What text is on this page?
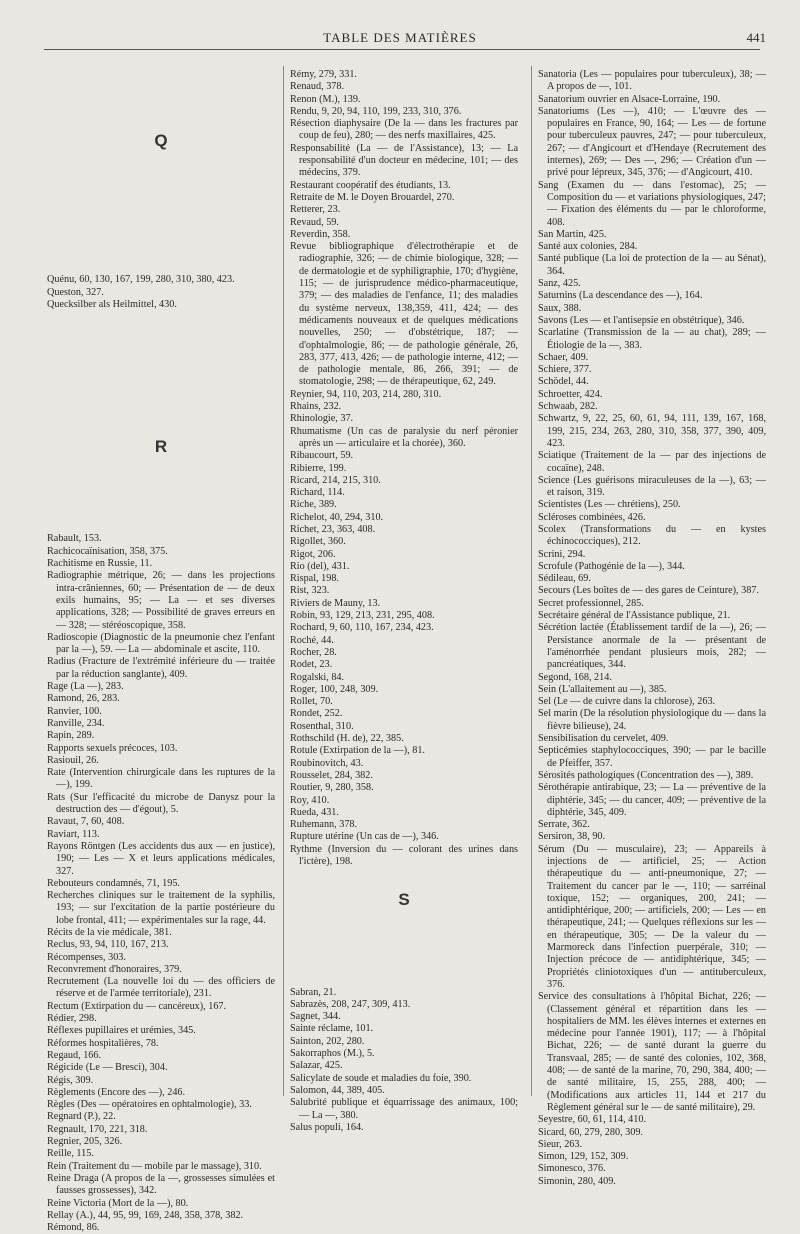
TABLE DES MATIÈRES	441
Q

Quénu, 60, 130, 167, 199, 280, 310, 380, 423.

Queston, 327.

Quecksilber als Heilmittel, 430.

R

Rabault, 153.

Rachicocaïnisation, 358, 375.

Rachitisme en Russie, 11.

Radiographie métrique, 26; — dans les projections intra-crâniennes, 60; — Présentation de — de deux exils humains, 95; — La — et ses diverses applications, 328; — Possibilité de graves erreurs en — 328; — stéréoscopique, 358.

Radioscopie (Diagnostic de la pneumonie chez l'enfant par la —), 59. — La — abdominale et ascite, 110.

Radius (Fracture de l'extrémité inférieure du — traitée par la réduction sanglante), 409.

Rage (La —), 283.

Ramond, 26, 283.

Ranvier, 100.

Ranville, 234.

Rapin, 289.

Rapports sexuels précoces, 103.

Rasiouil, 26.

Rate (Intervention chirurgicale dans les ruptures de la —), 199.

Rats (Sur l'efficacité du microbe de Danysz pour la destruction des — d'égout), 5.

Ravaut, 7, 60, 408.

Raviart, 113.

Rayons Röntgen (Les accidents dus aux — en justice), 190; — Les — X et leurs applications médicales, 327.

Rebouteurs condamnés, 71, 195.

Recherches cliniques sur le traitement de la syphilis, 193; — sur l'excitation de la partie postérieure du lobe frontal, 411; — expérimentales sur la rage, 44.

Récits de la vie médicale, 381.

Reclus, 93, 94, 110, 167, 213.

Récompenses, 303.

Reconvrement d'honoraires, 379.

Recrutement (La nouvelle loi du — des officiers de réserve et de l'armée territoriale), 231.

Rectum (Extirpation du — cancéreux), 167.

Rédier, 298.

Réflexes pupillaires et urémies, 345.

Réformes hospitalières, 78.

Regaud, 166.

Régicide (Le — Bresci), 304.

Régis, 309.

Règlements (Encore des —), 246.

Règles (Des — opératoires en ophtalmologie), 33.

Regnard (P.), 22.

Regnault, 170, 221, 318.

Regnier, 205, 326.

Reille, 115.

Rein (Traitement du — mobile par le massage), 310.

Reine Draga (A propos de la —, grossesses simulées et fausses grossesses), 342.

Reine Victoria (Mort de la —), 80.

Rellay (A.), 44, 95, 99, 169, 248, 358, 378, 382.

Rémond, 86.

Rémy, 279, 331.

Renaud, 378.

Renon (M.), 139.

Rendu, 9, 20, 94, 110, 199, 233, 310, 376.

Résection diaphysaire (De la — dans les fractures par coup de feu), 280; — des nerfs maxillaires, 425.

Responsabilité (La — de l'Assistance), 13; — La responsabilité d'un docteur en médecine, 101; — des médecins, 379.

Restaurant coopératif des étudiants, 13.

Retraite de M. le Doyen Brouardel, 270.

Retterer, 23.

Revaud, 59.

Reverdin, 358.

Revue bibliographique d'électrothérapie et de radiographie, 326; — de chimie biologique, 328; — de dermatologie et de syphiligraphie, 170; d'hygiène, 115; — de jurisprudence médico-pharmaceutique, 379; — des maladies de l'enfance, 11; des maladies du système nerveux, 138,359, 411, 424; — des médicaments nouveaux et de quelques médications nouvelles, 250; — d'obstétrique, 187; — d'ophtalmologie, 86; — de pathologie générale, 26, 283, 377, 413, 426; — de pathologie interne, 412; — de pathologie mentale, 86, 266, 391; — de stomatologie, 298; — de thérapeutique, 62, 249.

Reynier, 94, 110, 203, 214, 280, 310.

Rhains, 232.

Rhinologie, 37.

Rhumatisme (Un cas de paralysie du nerf péronier après un — articulaire et la chorée), 360.

Ribaucourt, 59.

Ribierre, 199.

Ricard, 214, 215, 310.

Richard, 114.

Riche, 389.

Richelot, 40, 294, 310.

Richet, 23, 363, 408.

Rigollet, 360.

Rigot, 206.

Rio (del), 431.

Rispal, 198.

Rist, 323.

Riviers de Mauny, 13.

Robin, 93, 129, 213, 231, 295, 408.

Rochard, 9, 60, 110, 167, 234, 423.

Roché, 44.

Rocher, 28.

Rodet, 23.

Rogalski, 84.

Roger, 100, 248, 309.

Rollet, 70.

Rondet, 252.

Rosenthal, 310.

Rothschild (H. de), 22, 385.

Rotule (Extirpation de la —), 81.

Roubinovitch, 43.

Rousselet, 284, 382.

Routier, 9, 280, 358.

Roy, 410.

Rueda, 431.

Ruhemann, 378.

Rupture utérine (Un cas de —), 346.

Rythme (Inversion du — colorant des urines dans l'ictère), 198.

S

Sabran, 21.

Sabrazès, 208, 247, 309, 413.

Sagnet, 344.

Sainte réclame, 101.

Sainton, 202, 280.

Sakorraphos (M.), 5.

Salazar, 425.

Salicylate de soude et maladies du foie, 390.

Salomon, 44, 389, 405.

Salubrité publique et équarrissage des animaux, 100; — La —, 380.

Salus populi, 164.

Sanatoria (Les — populaires pour tuberculeux), 38; — A propos de —, 101.

Sanatorium ouvrier en Alsace-Lorraine, 190.

Sanatoriums (Les —), 410; — L'œuvre des — populaires en France, 90, 164; — Les — de fortune pour tuberculeux pauvres, 247; — pour tuberculeux, 267; — d'Angicourt et d'Hendaye (Recrutement des internes), 269; — Des —, 296; — Création d'un — privé pour lépreux, 345, 376; — d'Angicourt, 410.

Sang (Examen du — dans l'estomac), 25; — Composition du — et variations physiologiques, 247; — Fixation des éléments du — par le chloroforme, 408.

San Martin, 425.

Santé aux colonies, 284.

Santé publique (La loi de protection de la — au Sénat), 364.

Sanz, 425.

Saturnins (La descendance des —), 164.

Saux, 388.

Savons (Les — et l'antisepsie en obstétrique), 346.

Scarlatine (Transmission de la — au chat), 289; — Étiologie de la —, 383.

Schaer, 409.

Schiere, 377.

Schödel, 44.

Schroetter, 424.

Schwaab, 282.

Schwartz, 9, 22, 25, 60, 61, 94, 111, 139, 167, 168, 199, 215, 234, 263, 280, 310, 358, 377, 390, 409, 423.

Sciatique (Traitement de la — par des injections de cocaïne), 248.

Science (Les guérisons miraculeuses de la —), 63; — et raison, 319.

Scientistes (Les — chrétiens), 250.

Scléroses combinées, 426.

Scolex (Transformations du — en kystes échinococciques), 212.

Scrini, 294.

Scrofule (Pathogénie de la —), 344.

Sédileau, 69.

Secours (Les boîtes de — des gares de Ceinture), 387.

Secret professionnel, 285.

Secrétaire général de l'Assistance publique, 21.

Sécrétion lactée (Établissement tardif de la —), 26; — Persistance anormale de la — présentant de l'aménorrhée pendant plusieurs mois, 282; — pancréatiques, 344.

Segond, 168, 214.

Sein (L'allaitement au —), 385.

Sel (Le — de cuivre dans la chlorose), 263.

Sel marin (De la résolution physiologique du — dans la fièvre bilieuse), 24.

Sensibilisation du cervelet, 409.

Septicémies staphylococciques, 390; — par le bacille de Pfeiffer, 357.

Sérosités pathologiques (Concentration des —), 389.

Sérothérapie antirabique, 23; — La — préventive de la diphtérie, 345; — du cancer, 409; — préventive de la diphtérie, 345, 409.

Serrate, 362.

Sersiron, 38, 90.

Sérum (Du — musculaire), 23; — Appareils à injections de — artificiel, 25; — Action thérapeutique du — anti-pneumonique, 27; — Traitement du cancer par le —, 110; — sarréinal toxique, 152; — organiques, 200, 241; — antidiphtérique, 200; — artificiels, 200; — Les — en thérapeutique, 241; — Quelques réflexions sur les — en thérapeutique, 305; — De la valeur du — Marmoreck dans l'infection puerpérale, 310; — Injection précoce de — antidiphtérique, 345; — Propriétés cliniotoxiques d'un — antituberculeux, 376.

Service des consultations à l'hôpital Bichat, 226; — (Classement général et répartition dans les — hospitaliers de MM. les élèves internes et externes en médecine pour l'année 1901), 117; — à l'hôpital Bichat, 226; — de santé durant la guerre du Transvaal, 285; — de santé des colonies, 102, 368, 408; — de santé de la marine, 70, 290, 384, 400; — de santé militaire, 15, 255, 288, 400; — (Modifications aux articles 11, 144 et 217 du Règlement général sur le — de santé militaire), 29.

Seyestre, 60, 61, 114, 410.

Sicard, 60, 279, 280, 309.

Sieur, 263.

Simon, 129, 152, 309.

Simonesco, 376.

Simonin, 280, 409.
